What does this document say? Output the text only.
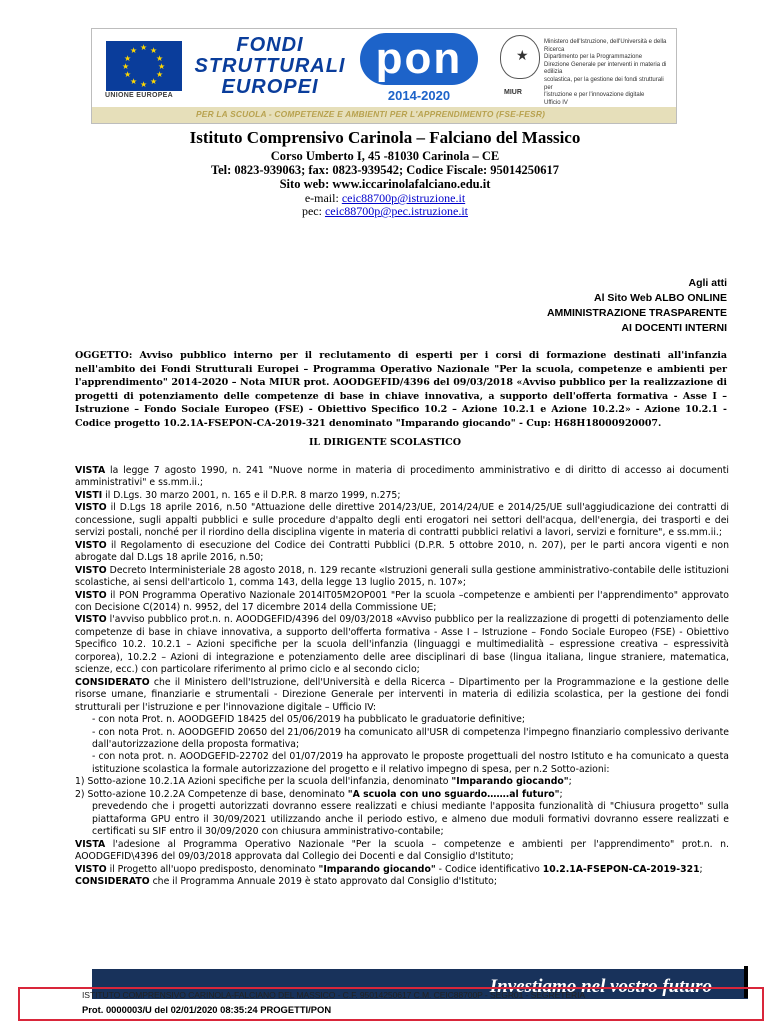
★ ★
★
★
★
★
★
★
★
★
★
★
UNIONE EUROPEA
FONDI
STRUTTURALI
EUROPEI
pon
2014-2020
★
MIUR
Ministero dell'Istruzione, dell'Università e della Ricerca
Dipartimento per la Programmazione
Direzione Generale per interventi in materia di edilizia
scolastica, per la gestione dei fondi strutturali per
l'istruzione e per l'innovazione digitale
Ufficio IV
PER LA SCUOLA - COMPETENZE E AMBIENTI PER L'APPRENDIMENTO (FSE-FESR)
Istituto Comprensivo Carinola – Falciano del Massico
Corso Umberto I, 45 -81030 Carinola – CE
Tel: 0823-939063; fax: 0823-939542; Codice Fiscale: 95014250617
Sito web: www.iccarinolafalciano.edu.it
e-mail: ceic88700p@istruzione.it
pec: ceic88700p@pec.istruzione.it
Agli atti
Al Sito Web ALBO ONLINE
AMMINISTRAZIONE TRASPARENTE
AI DOCENTI INTERNI
OGGETTO: Avviso pubblico interno per il reclutamento di esperti per i corsi di formazione destinati all'infanzia nell'ambito dei Fondi Strutturali Europei – Programma Operativo Nazionale "Per la scuola, competenze e ambienti per l'apprendimento" 2014-2020 – Nota MIUR prot. AOODGEFID/4396 del 09/03/2018 «Avviso pubblico per la realizzazione di progetti di potenziamento delle competenze di base in chiave innovativa, a supporto dell'offerta formativa - Asse I – Istruzione – Fondo Sociale Europeo (FSE) - Obiettivo Specifico 10.2 – Azione 10.2.1 e Azione 10.2.2» - Azione 10.2.1 - Codice progetto 10.2.1A-FSEPON-CA-2019-321 denominato "Imparando giocando" - Cup: H68H18000920007.
IL DIRIGENTE SCOLASTICO
VISTA la legge 7 agosto 1990, n. 241 "Nuove norme in materia di procedimento amministrativo e di diritto di accesso ai documenti amministrativi" e ss.mm.ii.;
VISTI il D.Lgs. 30 marzo 2001, n. 165 e il D.P.R. 8 marzo 1999, n.275;
VISTO il D.Lgs 18 aprile 2016, n.50 "Attuazione delle direttive 2014/23/UE, 2014/24/UE e 2014/25/UE sull'aggiudicazione dei contratti di concessione, sugli appalti pubblici e sulle procedure d'appalto degli enti erogatori nei settori dell'acqua, dell'energia, dei trasporti e dei servizi postali, nonché per il riordino della disciplina vigente in materia di contratti pubblici relativi a lavori, servizi e forniture", e ss.mm.ii.;
VISTO il Regolamento di esecuzione del Codice dei Contratti Pubblici (D.P.R. 5 ottobre 2010, n. 207), per le parti ancora vigenti e non abrogate dal D.Lgs 18 aprile 2016, n.50;
VISTO Decreto Interministeriale 28 agosto 2018, n. 129 recante «Istruzioni generali sulla gestione amministrativo-contabile delle istituzioni scolastiche, ai sensi dell'articolo 1, comma 143, della legge 13 luglio 2015, n. 107»;
VISTO il PON Programma Operativo Nazionale 2014IT05M2OP001 "Per la scuola –competenze e ambienti per l'apprendimento" approvato con Decisione C(2014) n. 9952, del 17 dicembre 2014 della Commissione UE;
VISTO l'avviso pubblico prot.n. n. AOODGEFID/4396 del 09/03/2018 «Avviso pubblico per la realizzazione di progetti di potenziamento delle competenze di base in chiave innovativa, a supporto dell'offerta formativa - Asse I – Istruzione – Fondo Sociale Europeo (FSE) - Obiettivo Specifico 10.2. 10.2.1 – Azioni specifiche per la scuola dell'infanzia (linguaggi e multimedialità – espressione creativa – espressività corporea), 10.2.2 – Azioni di integrazione e potenziamento delle aree disciplinari di base (lingua italiana, lingue straniere, matematica, scienze, ecc.) con particolare riferimento al primo ciclo e al secondo ciclo;
CONSIDERATO che il Ministero dell'Istruzione, dell'Università e della Ricerca – Dipartimento per la Programmazione e la gestione delle risorse umane, finanziarie e strumentali - Direzione Generale per interventi in materia di edilizia scolastica, per la gestione dei fondi strutturali per l'istruzione e per l'innovazione digitale – Ufficio IV:
- con nota Prot. n. AOODGEFID 18425 del 05/06/2019 ha pubblicato le graduatorie definitive;
- con nota Prot. n. AOODGEFID 20650 del 21/06/2019 ha comunicato all'USR di competenza l'impegno finanziario complessivo derivante dall'autorizzazione della proposta formativa;
- con nota prot. n. AOODGEFID-22702 del 01/07/2019 ha approvato le proposte progettuali del nostro Istituto e ha comunicato a questa istituzione scolastica la formale autorizzazione del progetto e il relativo impegno di spesa, per n.2 Sotto-azioni:
1) Sotto-azione 10.2.1A Azioni specifiche per la scuola dell'infanzia, denominato "Imparando giocando";
2) Sotto-azione 10.2.2A Competenze di base, denominato "A scuola con uno sguardo…….al futuro";
prevedendo che i progetti autorizzati dovranno essere realizzati e chiusi mediante l'apposita funzionalità di "Chiusura progetto" sulla piattaforma GPU entro il 30/09/2021 utilizzando anche il periodo estivo, e almeno due moduli formativi dovranno essere realizzati e certificati su SIF entro il 30/09/2020 con chiusura amministrativo-contabile;
VISTA l'adesione al Programma Operativo Nazionale "Per la scuola – competenze e ambienti per l'apprendimento" prot.n. n. AOODGEFID\4396 del 09/03/2018 approvata dal Collegio dei Docenti e dal Consiglio d'Istituto;
VISTO il Progetto all'uopo predisposto, denominato "Imparando giocando" - Codice identificativo 10.2.1A-FSEPON-CA-2019-321;
CONSIDERATO che il Programma Annuale 2019 è stato approvato dal Consiglio d'Istituto;
Investiamo nel vostro futuro
ISTITUTO COMPRENSIVO CARINOLA-FALCIANO DEL MASSICO - C.F. 95014250617 C.M. CEIC88700P - SEGR01 - SEGRETERIA
Prot. 0000003/U del 02/01/2020 08:35:24 PROGETTI/PON
